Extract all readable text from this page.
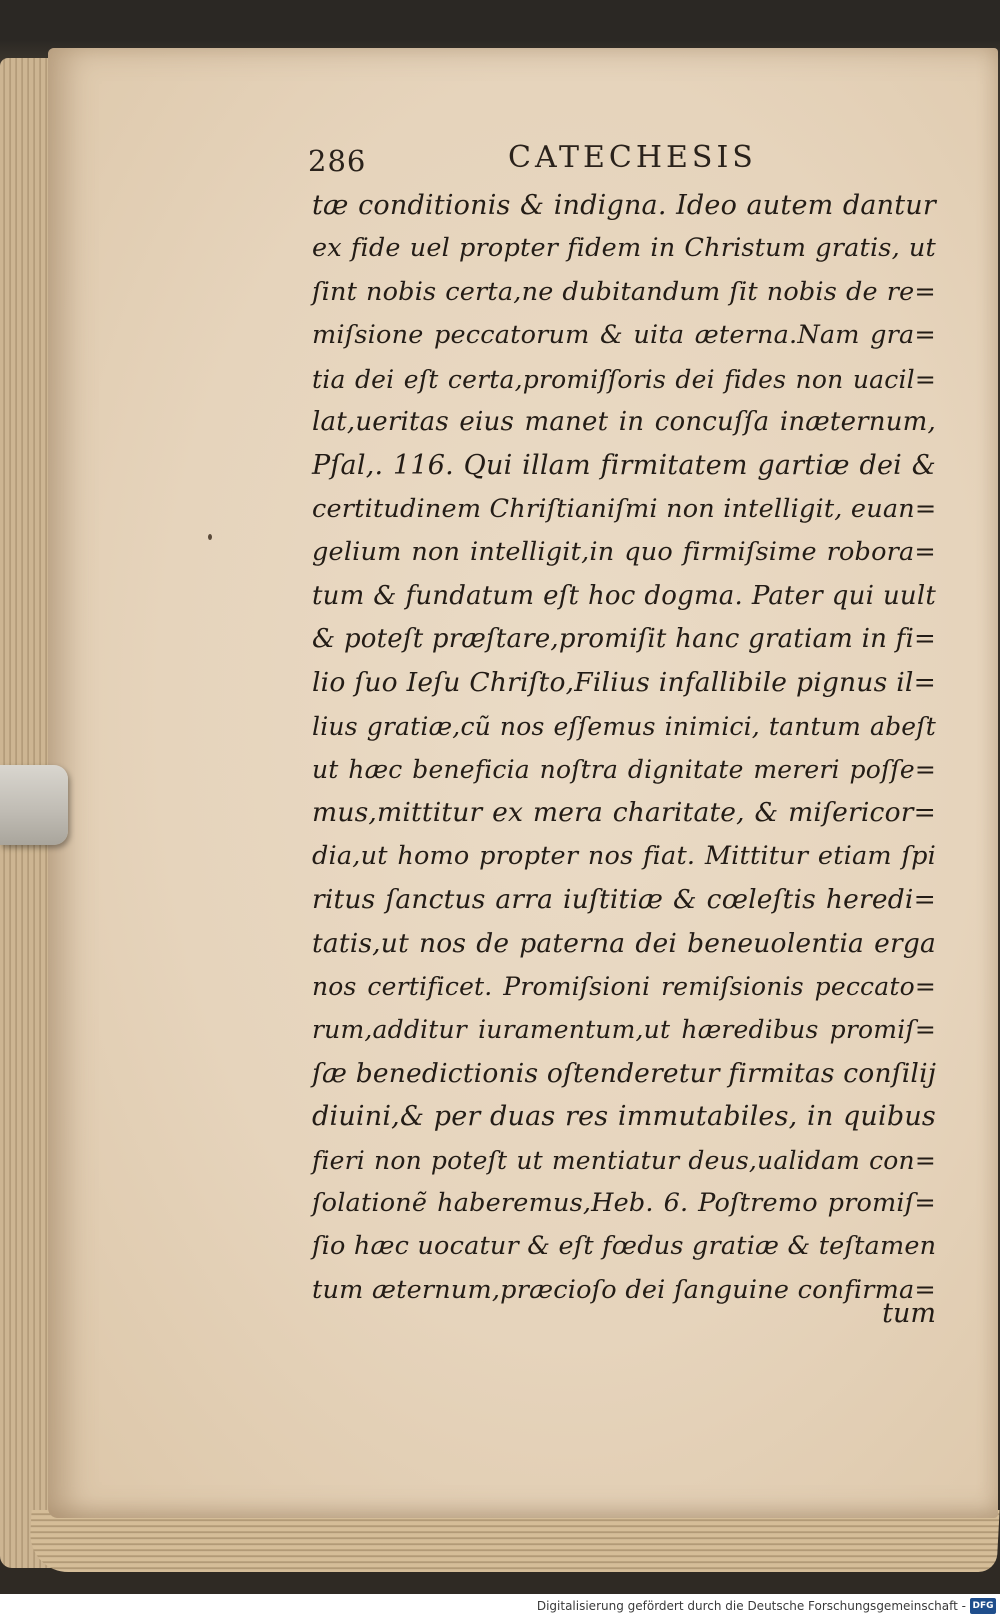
286	CATECHESIS
tæ conditionis & indigna. Ideo autem dantur
ex fide uel propter fidem in Christum gratis, ut
ſint nobis certa,ne dubitandum ſit nobis de re=
miſsione peccatorum & uita æterna.Nam gra=
tia dei eſt certa,promiſſoris dei fides non uacil=
lat,ueritas eius manet in concuſſa inæternum,
Pſal,. 116. Qui illam firmitatem gartiæ dei &
certitudinem Chriſtianiſmi non intelligit, euan=
gelium non intelligit,in quo firmiſsime robora=
tum & fundatum eſt hoc dogma. Pater qui uult
& poteſt præſtare,promiſit hanc gratiam in fi=
lio ſuo Ieſu Chriſto,Filius infallibile pignus il=
lius gratiæ,cũ nos eſſemus inimici, tantum abeſt
ut hæc beneficia noſtra dignitate mereri poſſe=
mus,mittitur ex mera charitate, & miſericor=
dia,ut homo propter nos fiat. Mittitur etiam ſpi
ritus ſanctus arra iuſtitiæ & cœleſtis heredi=
tatis,ut nos de paterna dei beneuolentia erga
nos certificet. Promiſsioni remiſsionis peccato=
rum,additur iuramentum,ut hæredibus promiſ=
ſæ benedictionis oſtenderetur firmitas conſilij
diuini,& per duas res immutabiles, in quibus
fieri non poteſt ut mentiatur deus,ualidam con=
ſolationẽ haberemus,Heb. 6. Poſtremo promiſ=
ſio hæc uocatur & eſt fœdus gratiæ & teſtamen
tum æternum,præcioſo dei ſanguine confirma=
tum
Digitalisierung gefördert durch die Deutsche Forschungsgemeinschaft - DFG
